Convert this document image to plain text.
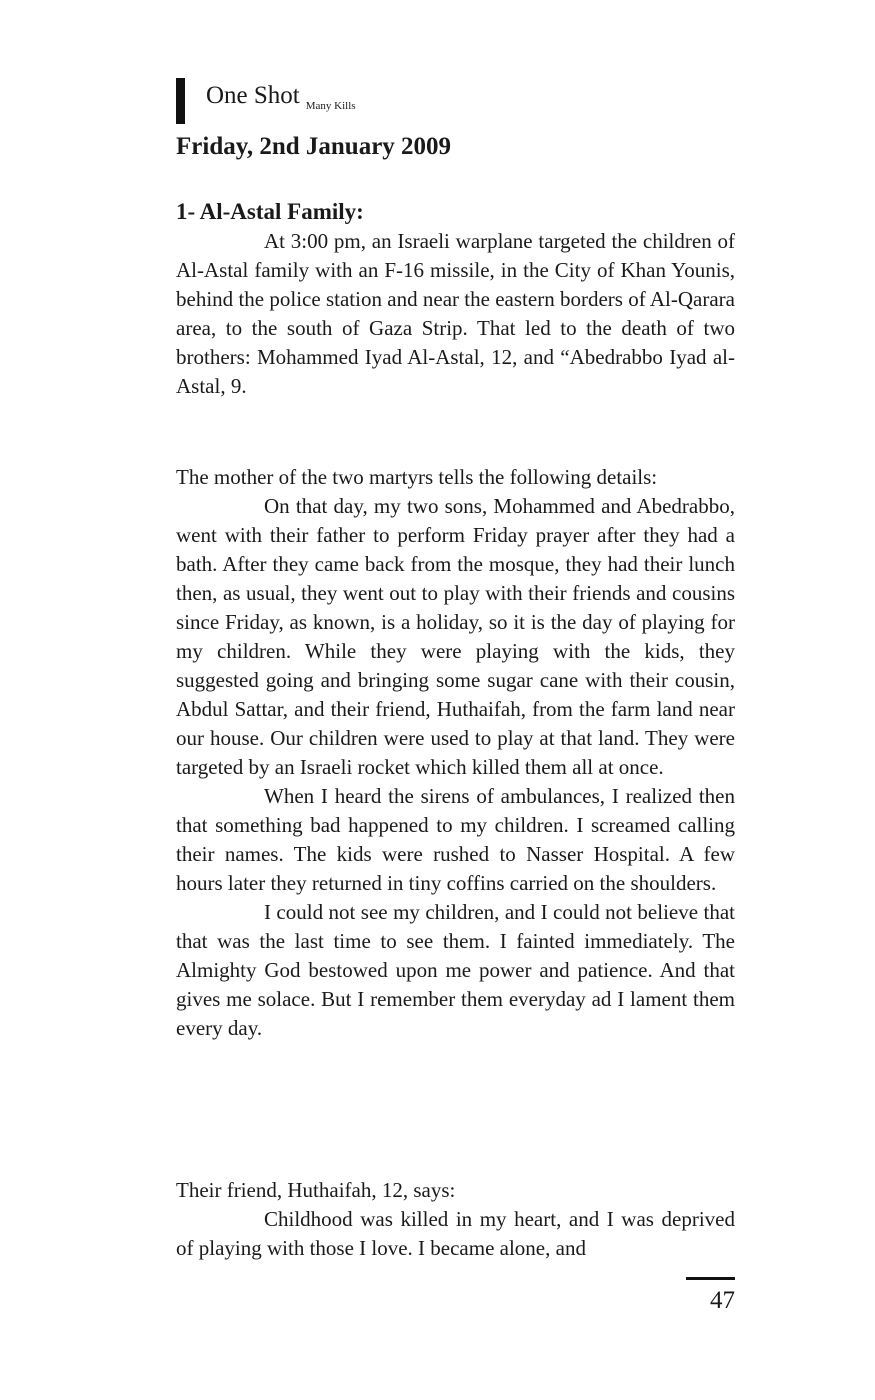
One Shot Many Kills
Friday, 2nd January 2009
1- Al-Astal Family:

At 3:00 pm, an Israeli warplane targeted the children of Al-Astal family with an F-16 missile, in the City of Khan Younis, behind the police station and near the eastern borders of Al-Qarara area, to the south of Gaza Strip. That led to the death of two brothers: Mohammed Iyad Al-Astal, 12, and “Abedrabbo Iyad al-Astal, 9.

The mother of the two martyrs tells the following details:

On that day, my two sons, Mohammed and Abedrabbo, went with their father to perform Friday prayer after they had a bath. After they came back from the mosque, they had their lunch then, as usual, they went out to play with their friends and cousins since Friday, as known, is a holiday, so it is the day of playing for my children. While they were playing with the kids, they suggested going and bringing some sugar cane with their cousin, Abdul Sattar, and their friend, Huthaifah, from the farm land near our house. Our children were used to play at that land. They were targeted by an Israeli rocket which killed them all at once.

When I heard the sirens of ambulances, I realized then that something bad happened to my children. I screamed calling their names. The kids were rushed to Nasser Hospital. A few hours later they returned in tiny coffins carried on the shoulders.

I could not see my children, and I could not believe that that was the last time to see them. I fainted immediately. The Almighty God bestowed upon me power and patience. And that gives me solace. But I remember them everyday ad I lament them every day.

Their friend, Huthaifah, 12, says:

Childhood was killed in my heart, and I was deprived of playing with those I love. I became alone, and

47
